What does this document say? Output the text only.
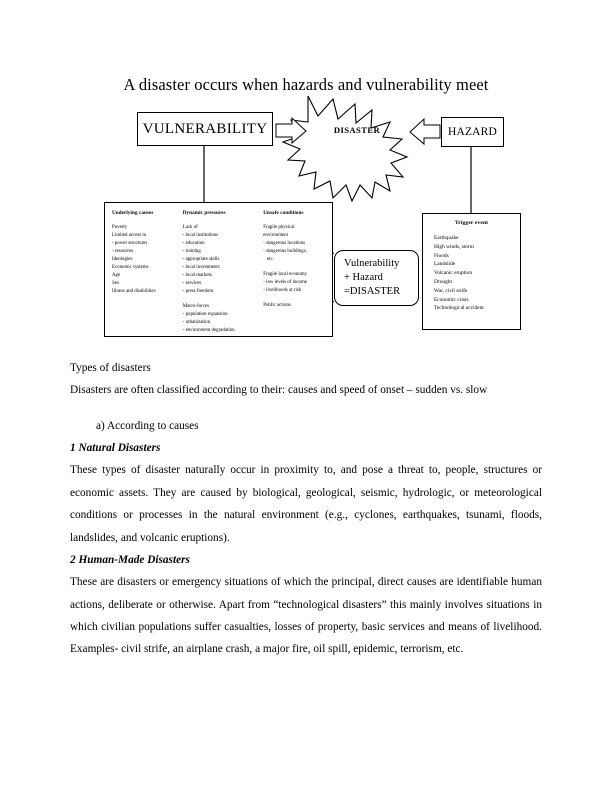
A disaster occurs when hazards and vulnerability meet
VULNERABILITY	HAZARD
DISASTER
Underlying causes
Poverty
Limited access to
- power structures
- resources
Ideologies
Economic systems
Age
Sex
Illness and disabilities
Dynamic pressures
Lack of
- local institutions
- education
- training
- appropriate skills
- local investments
- local markets
- services
- press freedom
Macro-forces
- population expansion
- urbanization
- environment degradation
Unsafe conditions
Fragile physical
environment
- dangerous locations
- dangerous buildings,
etc.
Fragile local economy
- low levels of income
- livelihoods at risk
Public actions
Vulnerability
+ Hazard
=DISASTER
Trigger event
Earthquake
High winds, storm
Floods
Landslide
Volcanic eruption
Drought
War, civil strife
Economic crisis
Technological accident

Types of disasters

Disasters are often classified according to their: causes and speed of onset – sudden vs. slow

a) According to causes

1 Natural Disasters

These types of disaster naturally occur in proximity to, and pose a threat to, people, structures or economic assets. They are caused by biological, geological, seismic, hydrologic, or meteorological conditions or processes in the natural environment (e.g., cyclones, earthquakes, tsunami, floods, landslides, and volcanic eruptions).

2 Human-Made Disasters

These are disasters or emergency situations of which the principal, direct causes are identifiable human actions, deliberate or otherwise. Apart from “technological disasters” this mainly involves situations in which civilian populations suffer casualties, losses of property, basic services and means of livelihood. Examples- civil strife, an airplane crash, a major fire, oil spill, epidemic, terrorism, etc.
